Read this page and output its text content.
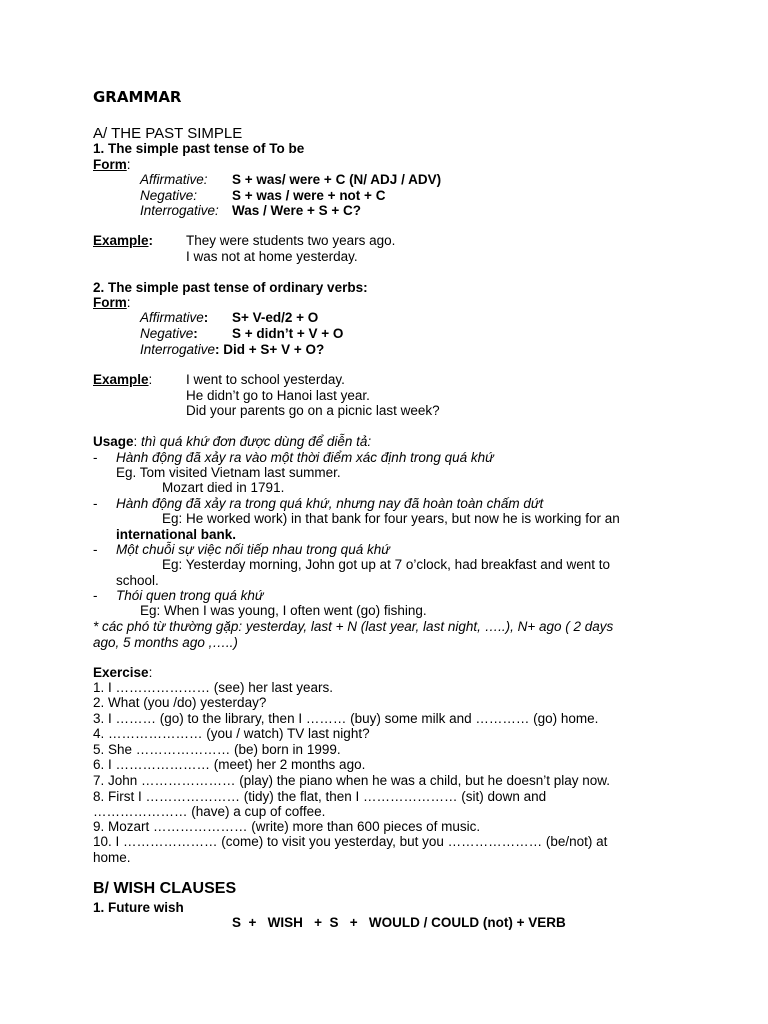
GRAMMAR
A/ THE PAST SIMPLE
1. The simple past tense of To be
Form:
Affirmative: S + was/ were + C (N/ ADJ / ADV)
Negative:	S + was / were + not + C
Interrogative: Was / Were + S + C?
Example: They were students two years ago.
I was not at home yesterday.
2. The simple past tense of ordinary verbs:
Form:
Affirmative: S+ V-ed/2 + O
Negative:	S + didn’t + V + O
Interrogative: Did + S+ V + O?
Example: I went to school yesterday.
He didn’t go to Hanoi last year.
Did your parents go on a picnic last week?
Usage: thì quá khứ đơn được dùng để diễn tả:
- Hành động đã xảy ra vào một thời điểm xác định trong quá khứ
Eg. Tom visited Vietnam last summer.
Mozart died in 1791.
- Hành động đã xảy ra trong quá khứ, nhưng nay đã hoàn toàn chấm dứt
Eg: He worked work) in that bank for four years, but now he is working for an
international bank.
- Một chuỗi sự việc nối tiếp nhau trong quá khứ
Eg: Yesterday morning, John got up at 7 o’clock, had breakfast and went to
school.
- Thói quen trong quá khứ
Eg: When I was young, I often went (go) fishing.
* các phó từ thường gặp: yesterday, last + N (last year, last night, …..), N+ ago ( 2 days
ago, 5 months ago ,…..)
Exercise:
1. I ………………… (see) her last years.
2. What (you /do) yesterday?
3. I ……… (go) to the library, then I ……… (buy) some milk and ………… (go) home.
4. ………………… (you / watch) TV last night?
5. She ………………… (be) born in 1999.
6. I ………………… (meet) her 2 months ago.
7. John ………………… (play) the piano when he was a child, but he doesn’t play now.
8. First I ………………… (tidy) the flat, then I ………………… (sit) down and
………………… (have) a cup of coffee.
9. Mozart ………………… (write) more than 600 pieces of music.
10. I ………………… (come) to visit you yesterday, but you ………………… (be/not) at
home.
B/ WISH CLAUSES
1. Future wish
S  +   WISH   +  S   +   WOULD / COULD (not) + VERB
